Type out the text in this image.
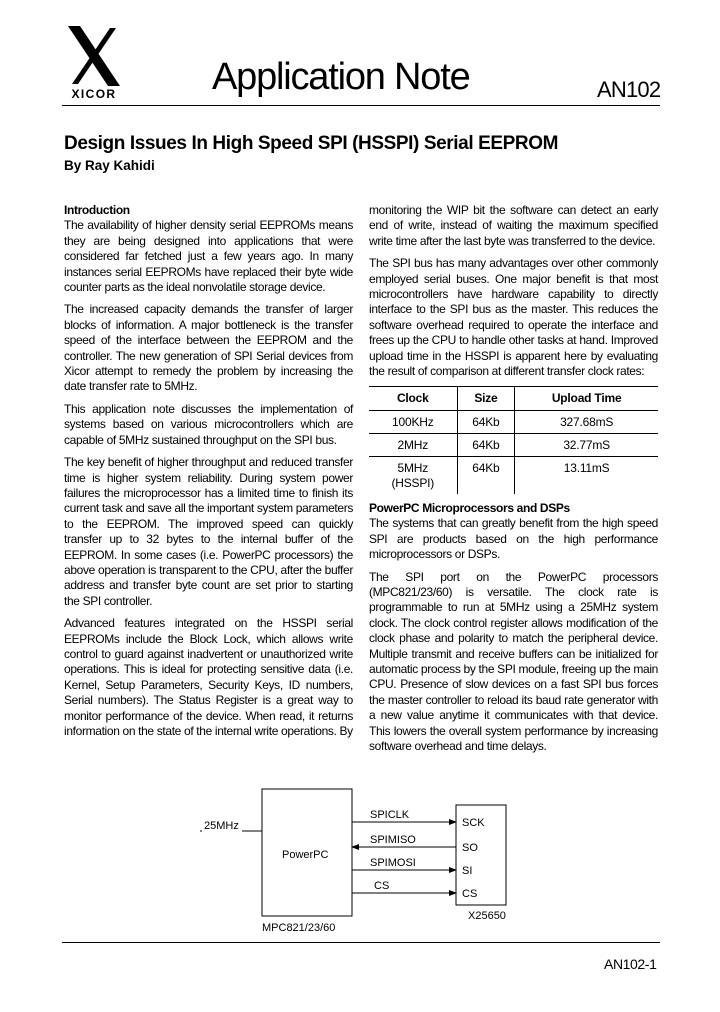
XICOR	Application Note	AN102
Design Issues In High Speed SPI (HSSPI) Serial EEPROM
By Ray Kahidi
Introduction

The availability of higher density serial EEPROMs means they are being designed into applications that were considered far fetched just a few years ago. In many instances serial EEPROMs have replaced their byte wide counter parts as the ideal nonvolatile storage device.

The increased capacity demands the transfer of larger blocks of information. A major bottleneck is the transfer speed of the interface between the EEPROM and the controller. The new generation of SPI Serial devices from Xicor attempt to remedy the problem by increasing the date transfer rate to 5MHz.

This application note discusses the implementation of systems based on various microcontrollers which are capable of 5MHz sustained throughput on the SPI bus.

The key benefit of higher throughput and reduced transfer time is higher system reliability. During system power failures the microprocessor has a limited time to finish its current task and save all the important system parameters to the EEPROM. The improved speed can quickly transfer up to 32 bytes to the internal buffer of the EEPROM. In some cases (i.e. PowerPC processors) the above operation is transparent to the CPU, after the buffer address and transfer byte count are set prior to starting the SPI controller.

Advanced features integrated on the HSSPI serial EEPROMs include the Block Lock, which allows write control to guard against inadvertent or unauthorized write operations. This is ideal for protecting sensitive data (i.e. Kernel, Setup Parameters, Security Keys, ID numbers, Serial numbers). The Status Register is a great way to monitor performance of the device. When read, it returns information on the state of the internal write operations. By

monitoring the WIP bit the software can detect an early end of write, instead of waiting the maximum specified write time after the last byte was transferred to the device.

The SPI bus has many advantages over other commonly employed serial buses. One major benefit is that most microcontrollers have hardware capability to directly interface to the SPI bus as the master. This reduces the software overhead required to operate the interface and frees up the CPU to handle other tasks at hand. Improved upload time in the HSSPI is apparent here by evaluating the result of comparison at different transfer clock rates:

Clock	Size	Upload Time
100KHz	64Kb	327.68mS
2MHz	64Kb	32.77mS
5MHz
(HSSPI)	64Kb	13.11mS
PowerPC Microprocessors and DSPs

The systems that can greatly benefit from the high speed SPI are products based on the high performance microprocessors or DSPs.

The SPI port on the PowerPC processors (MPC821/23/60) is versatile. The clock rate is programmable to run at 5MHz using a 25MHz system clock. The clock control register allows modification of the clock phase and polarity to match the peripheral device. Multiple transmit and receive buffers can be initialized for automatic process by the SPI module, freeing up the main CPU. Presence of slow devices on a fast SPI bus forces the master controller to reload its baud rate generator with a new value anytime it communicates with that device. This lowers the overall system performance by increasing software overhead and time delays.

25MHz
PowerPC
MPC821/23/60
X25650
SPICLK
SCK
SPIMISO
SO
SPIMOSI
SI
CS
CS
AN102-1
